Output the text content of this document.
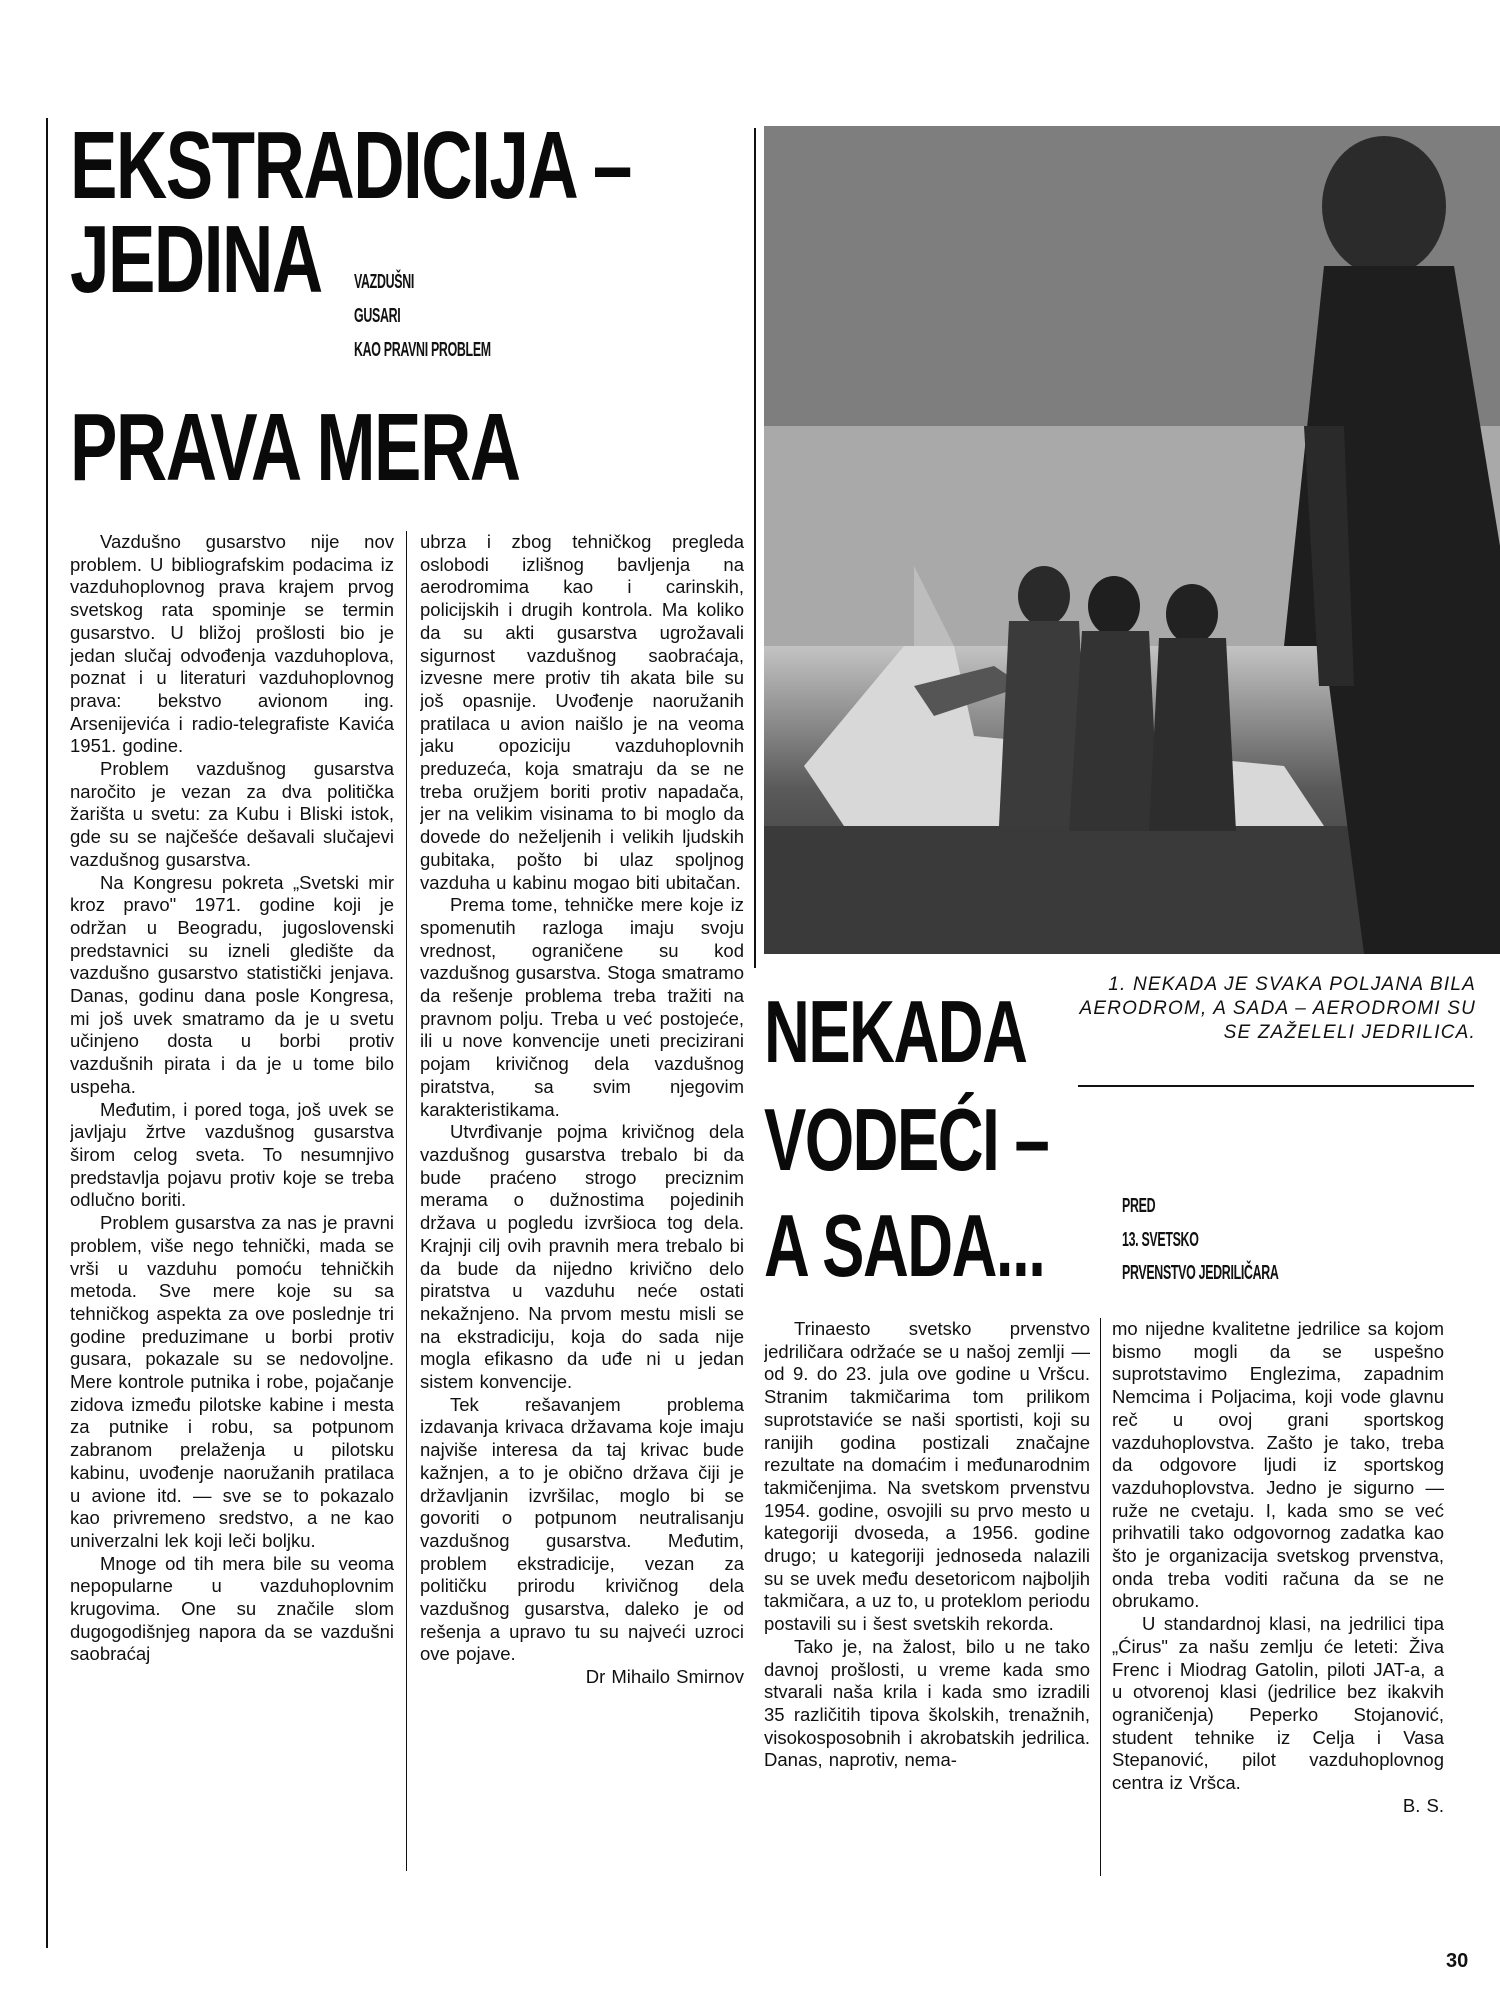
EKSTRADICIJA –
JEDINA
PRAVA MERA
VAZDUŠNI
GUSARI
KAO PRAVNI PROBLEM

Vazdušno gusarstvo nije nov problem. U bibliografskim podacima iz vazduhoplovnog prava krajem prvog svetskog rata spominje se termin gusarstvo. U bližoj prošlosti bio je jedan slučaj odvođenja vazduhoplova, poznat i u literaturi vazduhoplovnog prava: bekstvo avionom ing. Arsenijevića i radio-telegrafiste Kavića 1951. godine.

Problem vazdušnog gusarstva naročito je vezan za dva politička žarišta u svetu: za Kubu i Bliski istok, gde su se najčešće dešavali slučajevi vazdušnog gusarstva.

Na Kongresu pokreta „Svetski mir kroz pravo" 1971. godine koji je održan u Beogradu, jugoslovenski predstavnici su izneli gledište da vazdušno gusarstvo statistički jenjava. Danas, godinu dana posle Kongresa, mi još uvek smatramo da je u svetu učinjeno dosta u borbi protiv vazdušnih pirata i da je u tome bilo uspeha.

Međutim, i pored toga, još uvek se javljaju žrtve vazdušnog gusarstva širom celog sveta. To nesumnjivo predstavlja pojavu protiv koje se treba odlučno boriti.

Problem gusarstva za nas je pravni problem, više nego tehnički, mada se vrši u vazduhu pomoću tehničkih metoda. Sve mere koje su sa tehničkog aspekta za ove poslednje tri godine preduzimane u borbi protiv gusara, pokazale su se nedovoljne. Mere kontrole putnika i robe, pojačanje zidova između pilotske kabine i mesta za putnike i robu, sa potpunom zabranom prelaženja u pilotsku kabinu, uvođenje naoružanih pratilaca u avione itd. — sve se to pokazalo kao privremeno sredstvo, a ne kao univerzalni lek koji leči boljku.

Mnoge od tih mera bile su veoma nepopularne u vazduhoplovnim krugovima. One su značile slom dugogodišnjeg napora da se vazdušni saobraćaj

ubrza i zbog tehničkog pregleda oslobodi izlišnog bavljenja na aerodromima kao i carinskih, policijskih i drugih kontrola. Ma koliko da su akti gusarstva ugrožavali sigurnost vazdušnog saobraćaja, izvesne mere protiv tih akata bile su još opasnije. Uvođenje naoružanih pratilaca u avion naišlo je na veoma jaku opoziciju vazduhoplovnih preduzeća, koja smatraju da se ne treba oružjem boriti protiv napadača, jer na velikim visinama to bi moglo da dovede do neželjenih i velikih ljudskih gubitaka, pošto bi ulaz spoljnog vazduha u kabinu mogao biti ubitačan.

Prema tome, tehničke mere koje iz spomenutih razloga imaju svoju vrednost, ograničene su kod vazdušnog gusarstva. Stoga smatramo da rešenje problema treba tražiti na pravnom polju. Treba u već postojeće, ili u nove konvencije uneti precizirani pojam krivičnog dela vazdušnog piratstva, sa svim njegovim karakteristikama.

Utvrđivanje pojma krivičnog dela vazdušnog gusarstva trebalo bi da bude praćeno strogo preciznim merama o dužnostima pojedinih država u pogledu izvršioca tog dela. Krajnji cilj ovih pravnih mera trebalo bi da bude da nijedno krivično delo piratstva u vazduhu neće ostati nekažnjeno. Na prvom mestu misli se na ekstradiciju, koja do sada nije mogla efikasno da uđe ni u jedan sistem konvencije.

Tek rešavanjem problema izdavanja krivaca državama koje imaju najviše interesa da taj krivac bude kažnjen, a to je obično država čiji je državljanin izvršilac, moglo bi se govoriti o potpunom neutralisanju vazdušnog gusarstva. Međutim, problem ekstradicije, vezan za političku prirodu krivičnog dela vazdušnog gusarstva, daleko je od rešenja a upravo tu su najveći uzroci ove pojave.

Dr Mihailo Smirnov

1. NEKADA JE SVAKA POLJANA BILA AERODROM, A SADA – AERODROMI SU SE ZAŽELELI JEDRILICA.

NEKADA
VODEĆI –
A SADA...	PRED
13. SVETSKO
PRVENSTVO JEDRILIČARA

Trinaesto svetsko prvenstvo jedriličara održaće se u našoj zemlji — od 9. do 23. jula ove godine u Vršcu. Stranim takmičarima tom prilikom suprotstaviće se naši sportisti, koji su ranijih godina postizali značajne rezultate na domaćim i međunarodnim takmičenjima. Na svetskom prvenstvu 1954. godine, osvojili su prvo mesto u kategoriji dvoseda, a 1956. godine drugo; u kategoriji jednoseda nalazili su se uvek među desetoricom najboljih takmičara, a uz to, u proteklom periodu postavili su i šest svetskih rekorda.

Tako je, na žalost, bilo u ne tako davnoj prošlosti, u vreme kada smo stvarali naša krila i kada smo izradili 35 različitih tipova školskih, trenažnih, visokosposobnih i akrobatskih jedrilica. Danas, naprotiv, nema-

mo nijedne kvalitetne jedrilice sa kojom bismo mogli da se uspešno suprotstavimo Englezima, zapadnim Nemcima i Poljacima, koji vode glavnu reč u ovoj grani sportskog vazduhoplovstva. Zašto je tako, treba da odgovore ljudi iz sportskog vazduhoplovstva. Jedno je sigurno — ruže ne cvetaju. I, kada smo se već prihvatili tako odgovornog zadatka kao što je organizacija svetskog prvenstva, onda treba voditi računa da se ne obrukamo.

U standardnoj klasi, na jedrilici tipa „Ćirus" za našu zemlju će leteti: Živa Frenc i Miodrag Gatolin, piloti JAT-a, a u otvorenoj klasi (jedrilice bez ikakvih ograničenja) Peperko Stojanović, student tehnike iz Celja i Vasa Stepanović, pilot vazduhoplovnog centra iz Vršca.

B. S.

30
